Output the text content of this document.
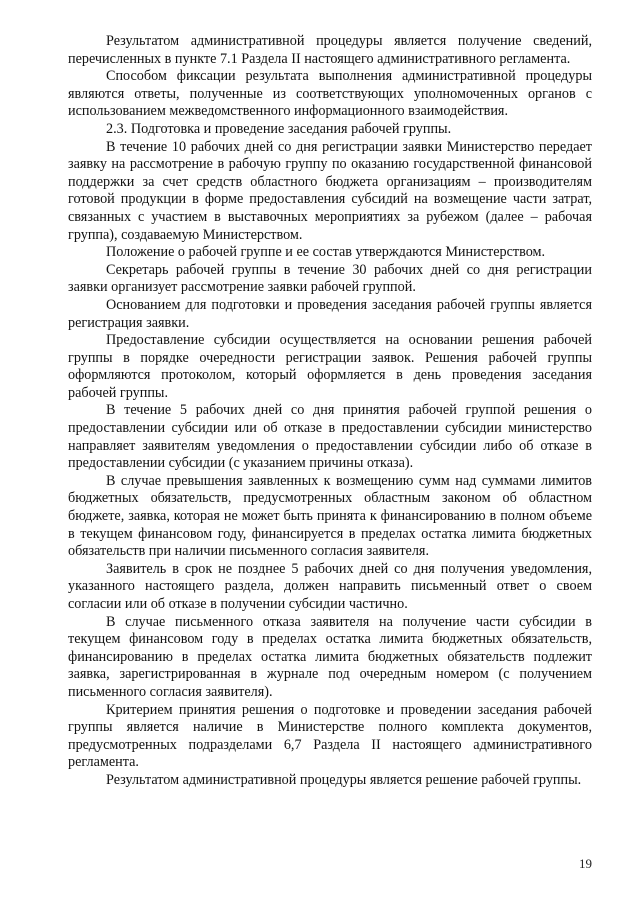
Результатом административной процедуры является получение сведений, перечисленных в пункте 7.1 Раздела II настоящего административного регламента.

Способом фиксации результата выполнения административной процедуры являются ответы, полученные из соответствующих уполномоченных органов с использованием межведомственного информационного взаимодействия.

2.3. Подготовка и проведение заседания рабочей группы.

В течение 10 рабочих дней со дня регистрации заявки Министерство передает заявку на рассмотрение в рабочую группу по оказанию государственной финансовой поддержки за счет средств областного бюджета организациям – производителям готовой продукции в форме предоставления субсидий на возмещение части затрат, связанных с участием в выставочных мероприятиях за рубежом (далее – рабочая группа), создаваемую Министерством.

Положение о рабочей группе и ее состав утверждаются Министерством.

Секретарь рабочей группы в течение 30 рабочих дней со дня регистрации заявки организует рассмотрение заявки рабочей группой.

Основанием для подготовки и проведения заседания рабочей группы является регистрация заявки.

Предоставление субсидии осуществляется на основании решения рабочей группы в порядке очередности регистрации заявок. Решения рабочей группы оформляются протоколом, который оформляется в день проведения заседания рабочей группы.

В течение 5 рабочих дней со дня принятия рабочей группой решения о предоставлении субсидии или об отказе в предоставлении субсидии министерство направляет заявителям уведомления о предоставлении субсидии либо об отказе в предоставлении субсидии (с указанием причины отказа).

В случае превышения заявленных к возмещению сумм над суммами лимитов бюджетных обязательств, предусмотренных областным законом об областном бюджете, заявка, которая не может быть принята к финансированию в полном объеме в текущем финансовом году, финансируется в пределах остатка лимита бюджетных обязательств при наличии письменного согласия заявителя.

Заявитель в срок не позднее 5 рабочих дней со дня получения уведомления, указанного настоящего раздела, должен направить письменный ответ о своем согласии или об отказе в получении субсидии частично.

В случае письменного отказа заявителя на получение части субсидии в текущем финансовом году в пределах остатка лимита бюджетных обязательств, финансированию в пределах остатка лимита бюджетных обязательств подлежит заявка, зарегистрированная в журнале под очередным номером (с получением письменного согласия заявителя).

Критерием принятия решения о подготовке и проведении заседания рабочей группы является наличие в Министерстве полного комплекта документов, предусмотренных подразделами 6,7 Раздела II настоящего административного регламента.

Результатом административной процедуры является решение рабочей группы.

19
